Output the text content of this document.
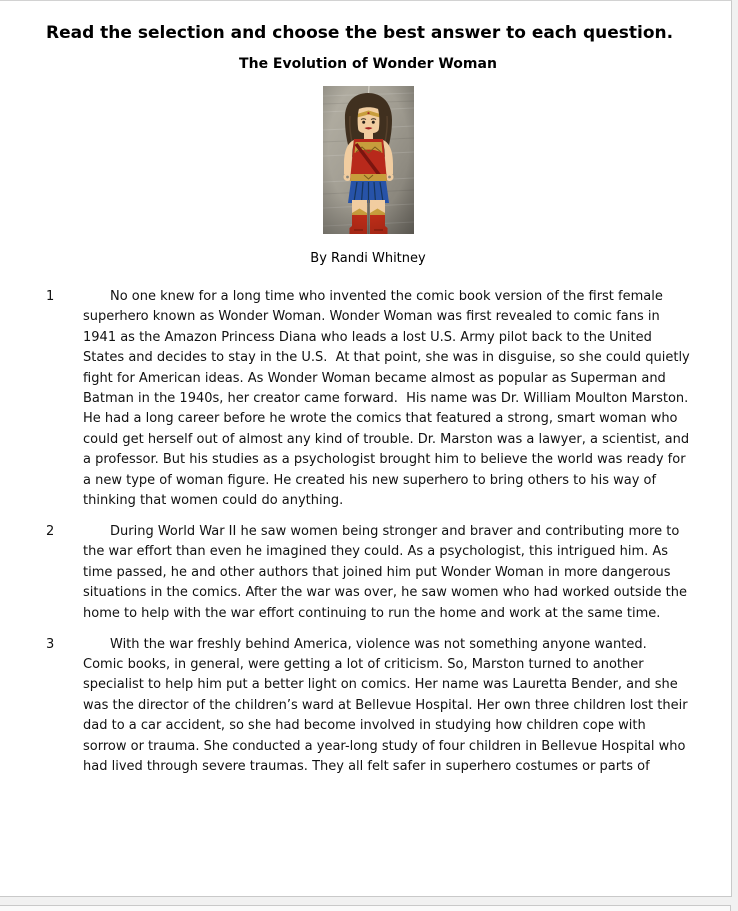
Read the selection and choose the best answer to each question.
The Evolution of Wonder Woman
By Randi Whitney
1	No one knew for a long time who invented the comic book version of the first female superhero known as Wonder Woman. Wonder Woman was first revealed to comic fans in 1941 as the Amazon Princess Diana who leads a lost U.S. Army pilot back to the United States and decides to stay in the U.S.  At that point, she was in disguise, so she could quietly fight for American ideas. As Wonder Woman became almost as popular as Superman and Batman in the 1940s, her creator came forward.  His name was Dr. William Moulton Marston. He had a long career before he wrote the comics that featured a strong, smart woman who could get herself out of almost any kind of trouble. Dr. Marston was a lawyer, a scientist, and a professor. But his studies as a psychologist brought him to believe the world was ready for a new type of woman figure. He created his new superhero to bring others to his way of thinking that women could do anything.
2	During World War II he saw women being stronger and braver and contributing more to the war effort than even he imagined they could. As a psychologist, this intrigued him. As time passed, he and other authors that joined him put Wonder Woman in more dangerous situations in the comics. After the war was over, he saw women who had worked outside the home to help with the war effort continuing to run the home and work at the same time.
3	With the war freshly behind America, violence was not something anyone wanted. Comic books, in general, were getting a lot of criticism. So, Marston turned to another specialist to help him put a better light on comics. Her name was Lauretta Bender, and she was the director of the children’s ward at Bellevue Hospital. Her own three children lost their dad to a car accident, so she had become involved in studying how children cope with sorrow or trauma. She conducted a year-long study of four children in Bellevue Hospital who had lived through severe traumas. They all felt safer in superhero costumes or parts of
